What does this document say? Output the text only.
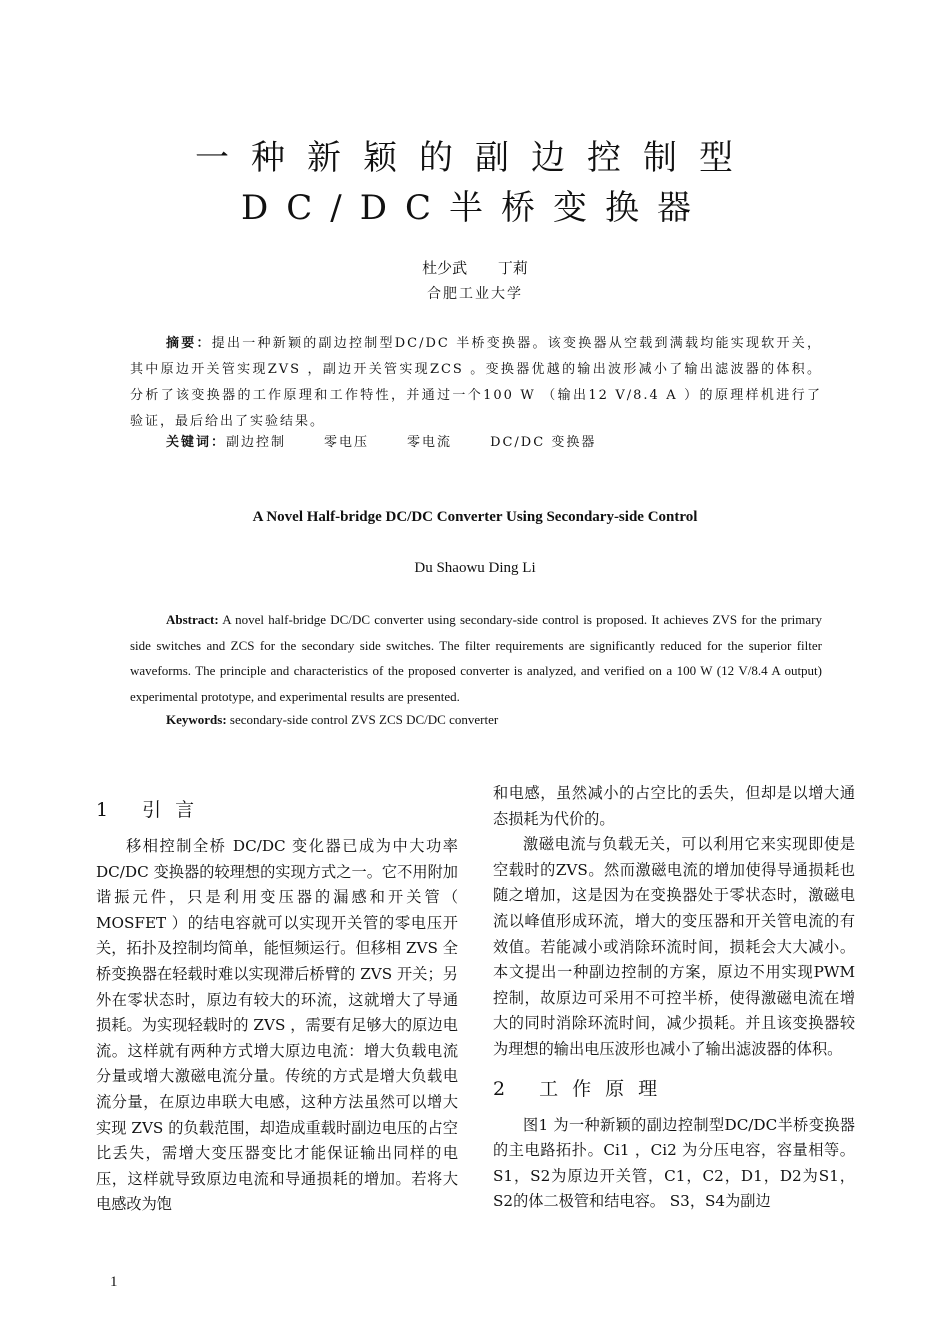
一种新颖的副边控制型
DC/DC半桥变换器
杜少武 丁莉
合肥工业大学
摘要：提出一种新颖的副边控制型DC/DC 半桥变换器。该变换器从空载到满载均能实现软开关，其中原边开关管实现ZVS ，副边开关管实现ZCS 。变换器优越的输出波形减小了输出滤波器的体积。分析了该变换器的工作原理和工作特性，并通过一个100 W （输出12 V/8.4 A ）的原理样机进行了验证，最后给出了实验结果。
关键词：副边控制	零电压	零电流	DC/DC 变换器
A Novel Half-bridge DC/DC Converter Using Secondary-side Control
Du Shaowu Ding Li
Abstract: A novel half-bridge DC/DC converter using secondary-side control is proposed. It achieves ZVS for the primary side switches and ZCS for the secondary side switches. The filter requirements are significantly reduced for the superior filter waveforms. The principle and characteristics of the proposed converter is analyzed, and verified on a 100 W (12 V/8.4 A output) experimental prototype, and experimental results are presented.
Keywords: secondary-side control ZVS ZCS DC/DC converter
1 引言

移相控制全桥 DC/DC 变化器已成为中大功率 DC/DC 变换器的较理想的实现方式之一。它不用附加谐振元件，只是利用变压器的漏感和开关管（ MOSFET ）的结电容就可以实现开关管的零电压开关，拓扑及控制均简单，能恒频运行。但移相 ZVS 全桥变换器在轻载时难以实现滞后桥臂的 ZVS 开关；另外在零状态时，原边有较大的环流，这就增大了导通损耗。为实现轻载时的 ZVS ，需要有足够大的原边电流。这样就有两种方式增大原边电流：增大负载电流分量或增大激磁电流分量。传统的方式是增大负载电流分量，在原边串联大电感，这种方法虽然可以增大实现 ZVS 的负载范围，却造成重载时副边电压的占空比丢失，需增大变压器变比才能保证输出同样的电压，这样就导致原边电流和导通损耗的增加。若将大电感改为饱

和电感，虽然减小的占空比的丢失，但却是以增大通态损耗为代价的。

激磁电流与负载无关，可以利用它来实现即使是空载时的ZVS。然而激磁电流的增加使得导通损耗也随之增加，这是因为在变换器处于零状态时，激磁电流以峰值形成环流，增大的变压器和开关管电流的有效值。若能减小或消除环流时间，损耗会大大减小。本文提出一种副边控制的方案，原边不用实现PWM 控制，故原边可采用不可控半桥，使得激磁电流在增大的同时消除环流时间，减少损耗。并且该变换器较为理想的输出电压波形也减小了输出滤波器的体积。

2 工作原理

图1 为一种新颖的副边控制型DC/DC半桥变换器的主电路拓扑。Ci1 ，Ci2 为分压电容，容量相等。S1，S2为原边开关管，C1，C2，D1，D2为S1，S2的体二极管和结电容。 S3，S4为副边

1
